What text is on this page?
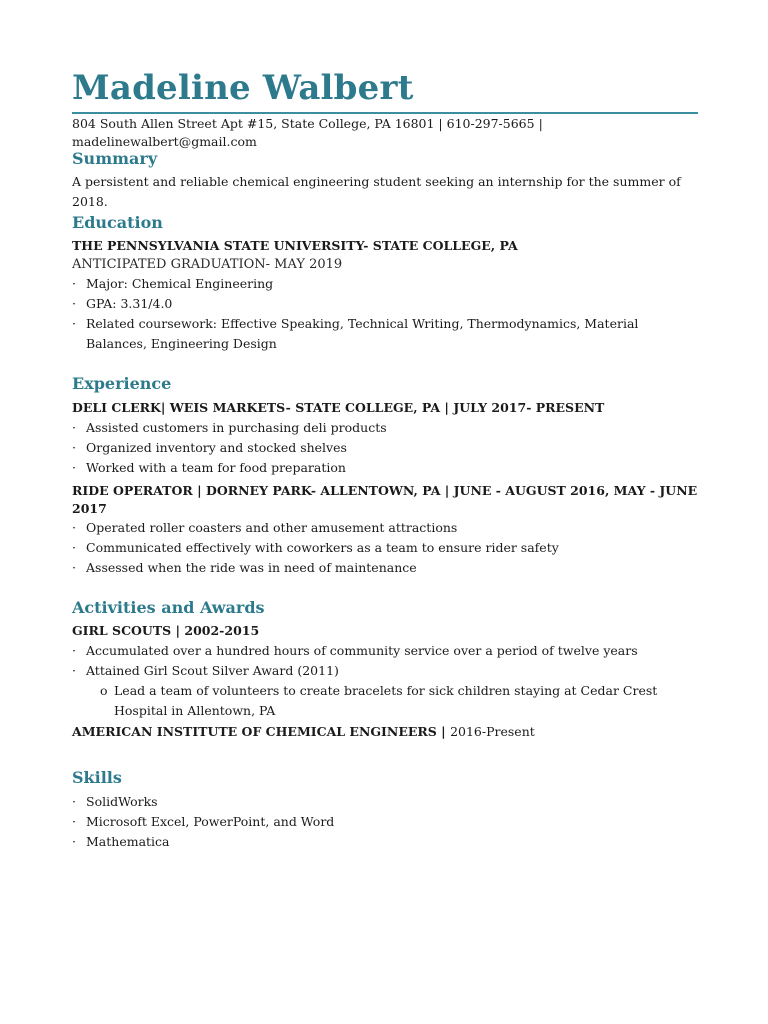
Madeline Walbert
804 South Allen Street Apt #15, State College, PA 16801 | 610-297-5665 | madelinewalbert@gmail.com
Summary
A persistent and reliable chemical engineering student seeking an internship for the summer of 2018.
Education
THE PENNSYLVANIA STATE UNIVERSITY- STATE COLLEGE, PA
ANTICIPATED GRADUATION- MAY 2019
· Major: Chemical Engineering
· GPA: 3.31/4.0
· Related coursework: Effective Speaking, Technical Writing, Thermodynamics, Material Balances, Engineering Design
Experience
DELI CLERK| WEIS MARKETS- STATE COLLEGE, PA | JULY 2017- PRESENT
· Assisted customers in purchasing deli products
· Organized inventory and stocked shelves
· Worked with a team for food preparation
RIDE OPERATOR | DORNEY PARK- ALLENTOWN, PA | JUNE - AUGUST 2016, MAY - JUNE 2017
· Operated roller coasters and other amusement attractions
· Communicated effectively with coworkers as a team to ensure rider safety
· Assessed when the ride was in need of maintenance
Activities and Awards
GIRL SCOUTS | 2002-2015
· Accumulated over a hundred hours of community service over a period of twelve years
· Attained Girl Scout Silver Award (2011)
o Lead a team of volunteers to create bracelets for sick children staying at Cedar Crest Hospital in Allentown, PA
AMERICAN INSTITUTE OF CHEMICAL ENGINEERS | 2016-Present
Skills
· SolidWorks
· Microsoft Excel, PowerPoint, and Word
· Mathematica
